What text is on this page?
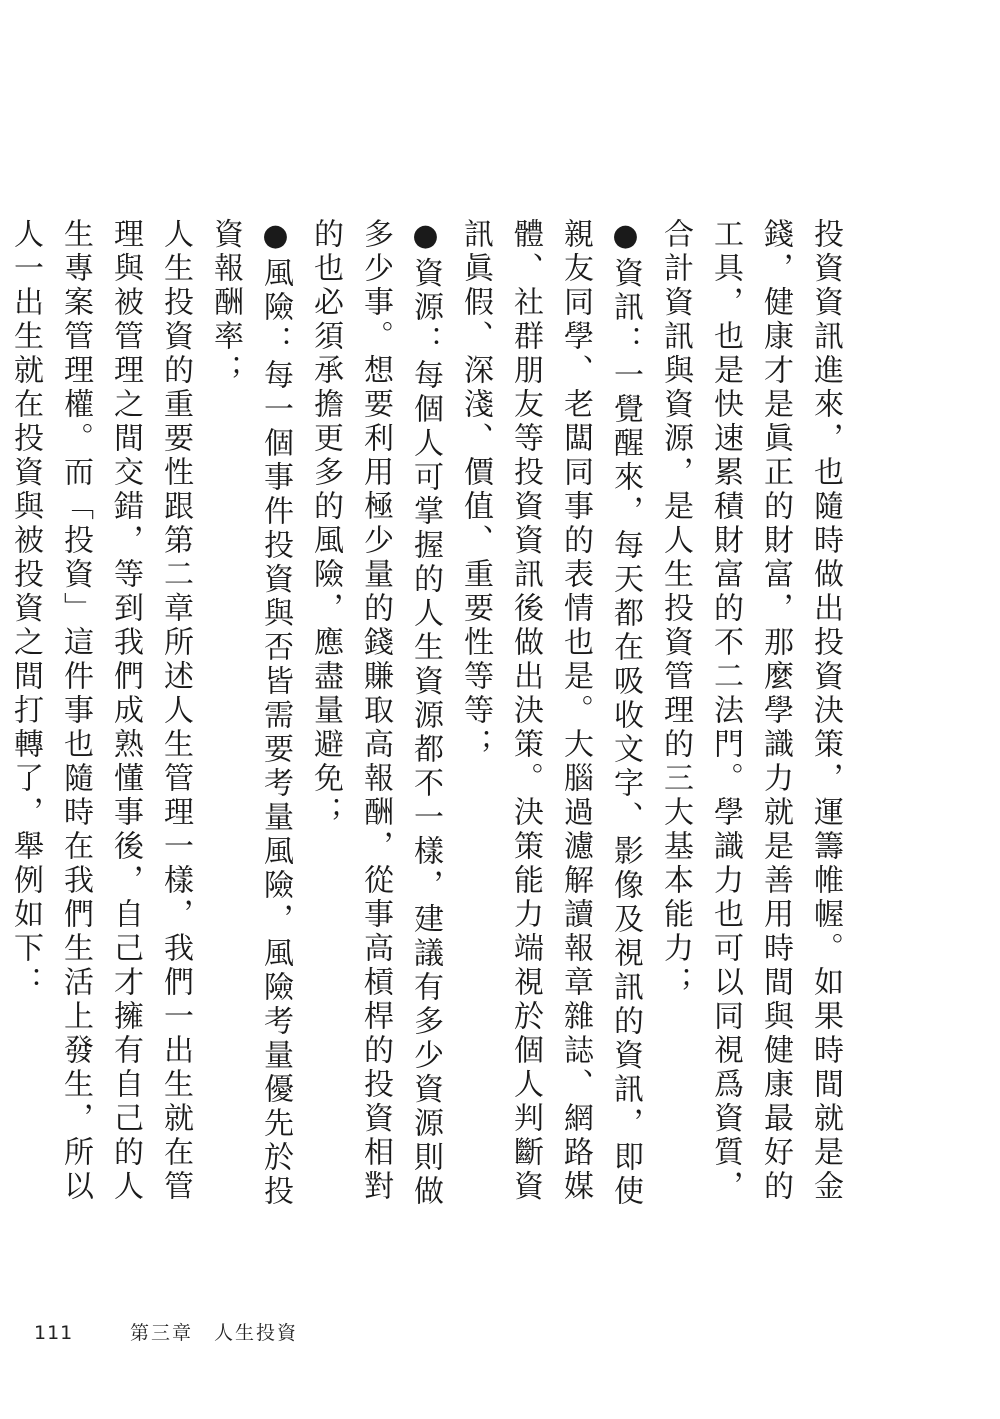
投資資訊進來，也隨時做出投資決策，運籌帷幄。如果時間就是金錢，健康才是眞正的財富，那麼學識力就是善用時間與健康最好的工具，也是快速累積財富的不二法門。學識力也可以同視爲資質，合計資訊與資源，是人生投資管理的三大基本能力；

●資訊：一覺醒來，每天都在吸收文字、影像及視訊的資訊，即使親友同學、老闆同事的表情也是。大腦過濾解讀報章雜誌、網路媒體、社群朋友等投資資訊後做出決策。決策能力端視於個人判斷資訊眞假、深淺、價值、重要性等等；

●資源：每個人可掌握的人生資源都不一樣，建議有多少資源則做多少事。想要利用極少量的錢賺取高報酬，從事高槓桿的投資相對的也必須承擔更多的風險，應盡量避免；

●風險：每一個事件投資與否皆需要考量風險，風險考量優先於投資報酬率；

人生投資的重要性跟第二章所述人生管理一樣，我們一出生就在管理與被管理之間交錯，等到我們成熟懂事後，自己才擁有自己的人生專案管理權。而「投資」這件事也隨時在我們生活上發生，所以人一出生就在投資與被投資之間打轉了，舉例如下：

111	第三章　人生投資
